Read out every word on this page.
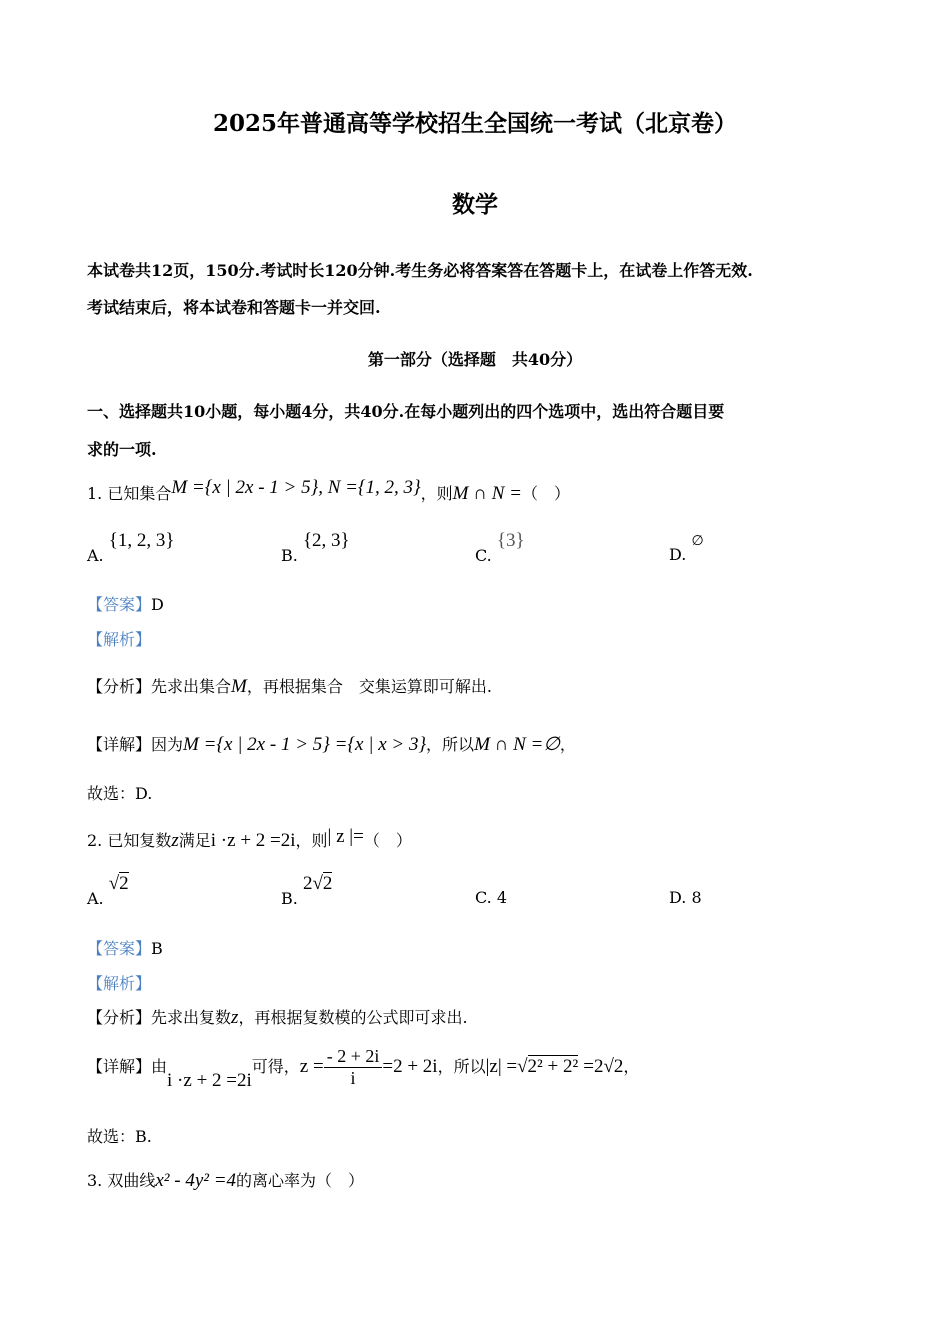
2025年普通高等学校招生全国统一考试（北京卷）
数学
本试卷共12页，150分.考试时长120分钟.考生务必将答案答在答题卡上，在试卷上作答无效.
考试结束后，将本试卷和答题卡一并交回.
第一部分（选择题　共40分）
一、选择题共10小题，每小题4分，共40分.在每小题列出的四个选项中，选出符合题目要
求的一项.
1. 已知集合M ={x | 2x - 1 > 5}, N ={1, 2, 3}，则M ∩ N =（　）
A. {1, 2, 3}
B. {2, 3}
C. {3}
D. ∅
【答案】D
【解析】
【分析】先求出集合M，再根据集合　交集运算即可解出.
【详解】因为M ={x | 2x - 1 > 5} ={x | x > 3}，所以M ∩ N =∅，
故选：D.
2. 已知复数z满足i ·z + 2 =2i，则| z |=（　）
A. √2
B. 2√2
C. 4	D. 8
【答案】B
【解析】
【分析】先求出复数z，再根据复数模的公式即可求出.
【详解】由i ·z + 2 =2i可得，$z = \frac{- 2 + 2i}{i} =2 + 2i$，所以|z| =√2² + 2² =2√2，
故选：B.
3. 双曲线x² - 4y² =4的离心率为（　）
